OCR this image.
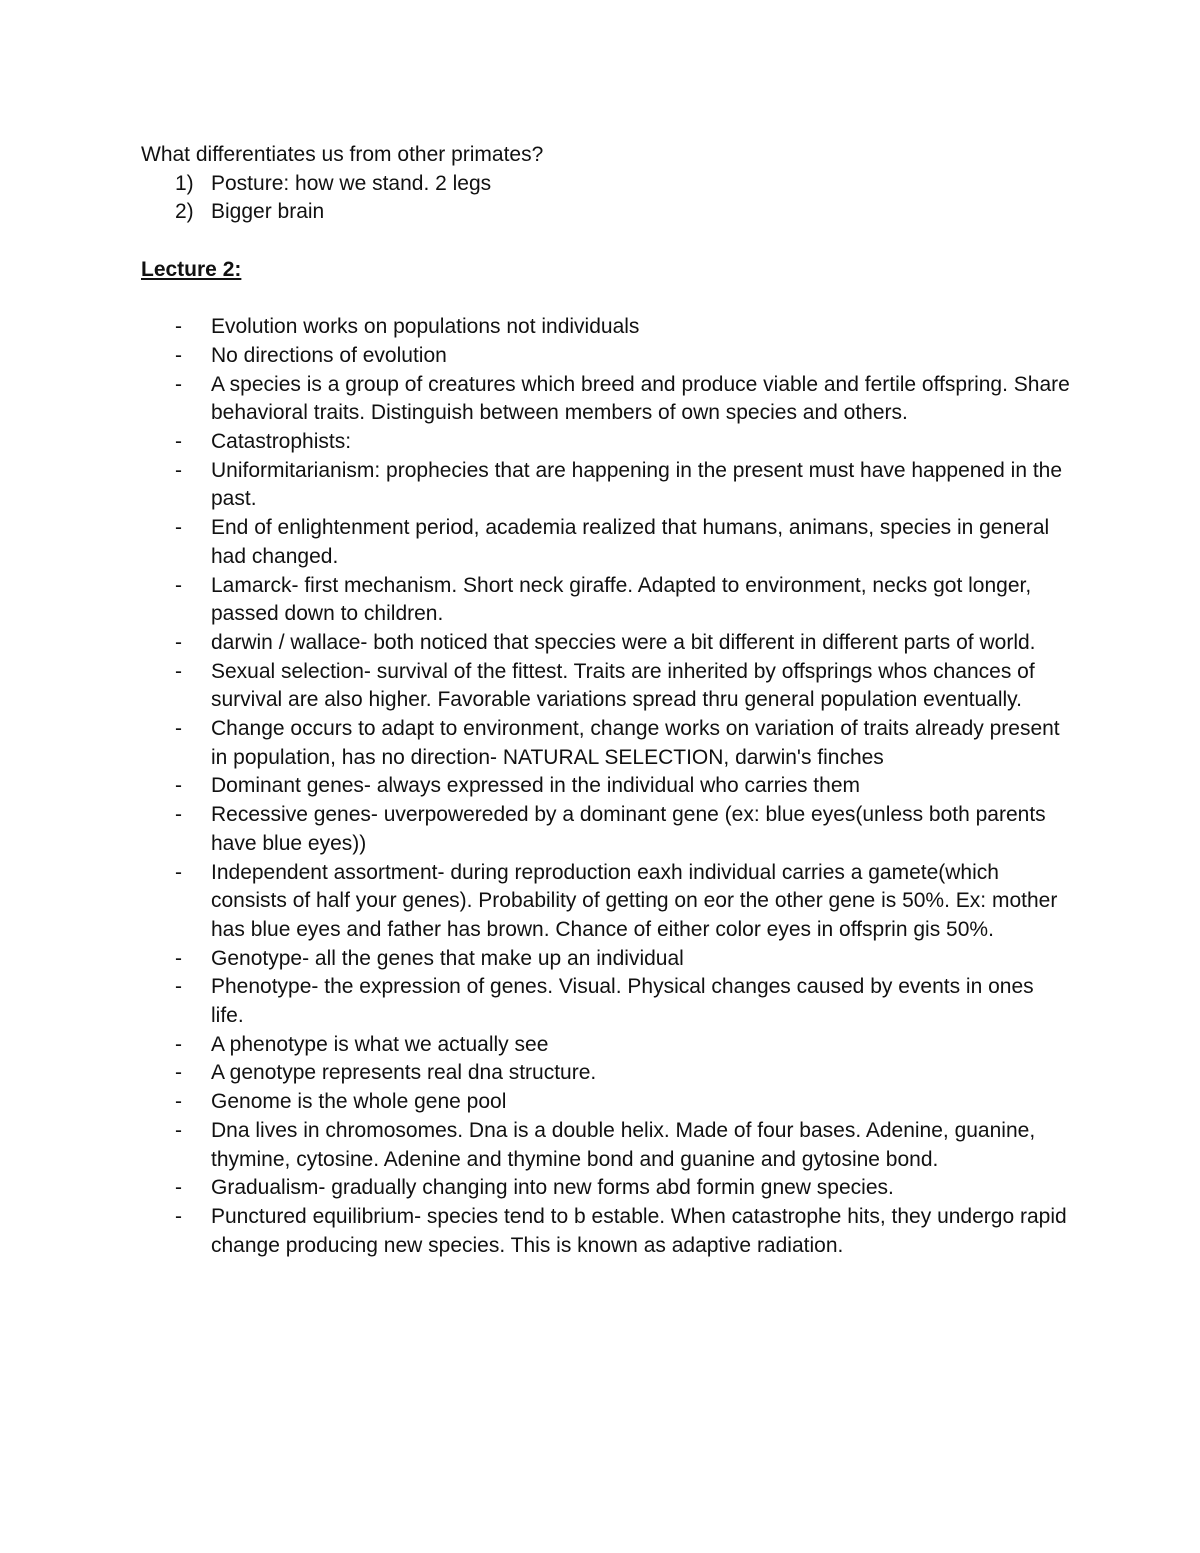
What differentiates us from other primates?

1) Posture: how we stand. 2 legs
2) Bigger brain
Lecture 2:
- Evolution works on populations not individuals
- No directions of evolution
- A species is a group of creatures which breed and produce viable and fertile offspring. Share behavioral traits. Distinguish between members of own species and others.
- Catastrophists:
- Uniformitarianism: prophecies that are happening in the present must have happened in the past.
- End of enlightenment period, academia realized that humans, animans, species in general had changed.
- Lamarck- first mechanism. Short neck giraffe. Adapted to environment, necks got longer, passed down to children.
- darwin / wallace- both noticed that speccies were a bit different in different parts of world.
- Sexual selection- survival of the fittest. Traits are inherited by offsprings whos chances of survival are also higher. Favorable variations spread thru general population eventually.
- Change occurs to adapt to environment, change works on variation of traits already present in population, has no direction- NATURAL SELECTION, darwin's finches
- Dominant genes- always expressed in the individual who carries them
- Recessive genes- uverpowereded by a dominant gene (ex: blue eyes(unless both parents have blue eyes))
- Independent assortment- during reproduction eaxh individual carries a gamete(which consists of half your genes). Probability of getting on eor the other gene is 50%. Ex: mother has blue eyes and father has brown. Chance of either color eyes in offsprin gis 50%.
- Genotype- all the genes that make up an individual
- Phenotype- the expression of genes. Visual. Physical changes caused by events in ones life.
- A phenotype is what we actually see
- A genotype represents real dna structure.
- Genome is the whole gene pool
- Dna lives in chromosomes. Dna is a double helix. Made of four bases. Adenine, guanine, thymine, cytosine. Adenine and thymine bond and guanine and gytosine bond.
- Gradualism- gradually changing into new forms abd formin gnew species.
- Punctured equilibrium- species tend to b estable. When catastrophe hits, they undergo rapid change producing new species. This is known as adaptive radiation.
